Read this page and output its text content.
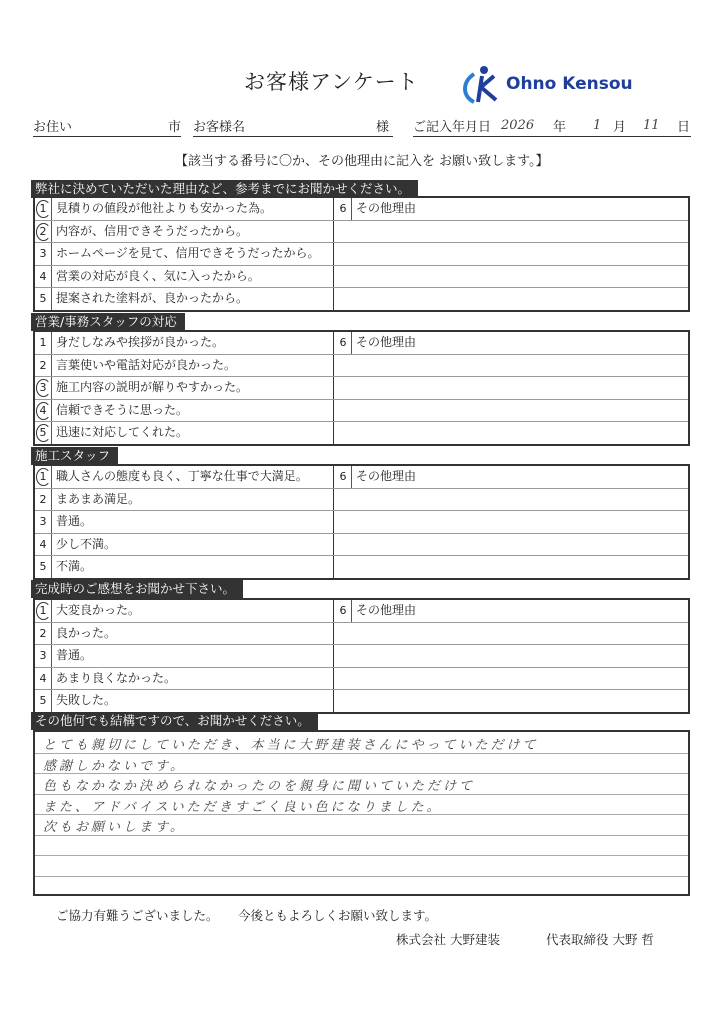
お客様アンケート	Ohno Kensou
お住い	市 お客様名	様 ご記入年月日 2026 年 1 月 11 日
【該当する番号に〇か、その他理由に記入を お願い致します。】
弊社に決めていただいた理由など、参考までにお聞かせください。
1 見積りの値段が他社よりも安かった為。	6 その他理由
2 内容が、信用できそうだったから。
3 ホームページを見て、信用できそうだったから。
4 営業の対応が良く、気に入ったから。
5 提案された塗料が、良かったから。
営業/事務スタッフの対応
1 身だしなみや挨拶が良かった。	6 その他理由
2 言葉使いや電話対応が良かった。
3 施工内容の説明が解りやすかった。
4 信頼できそうに思った。
5 迅速に対応してくれた。
施工スタッフ
1 職人さんの態度も良く、丁寧な仕事で大満足。	6 その他理由
2 まあまあ満足。
3 普通。
4 少し不満。
5 不満。
完成時のご感想をお聞かせ下さい。
1 大変良かった。	6 その他理由
2 良かった。
3 普通。
4 あまり良くなかった。
5 失敗した。
その他何でも結構ですので、お聞かせください。
とても親切にしていただき、本当に大野建装さんにやっていただけて
感謝しかないです。
色もなかなか決められなかったのを親身に聞いていただけて
また、アドバイスいただきすごく良い色になりました。
次もお願いします。
ご協力有難うございました。 今後ともよろしくお願い致します。
株式会社 大野建装	代表取締役 大野 哲
